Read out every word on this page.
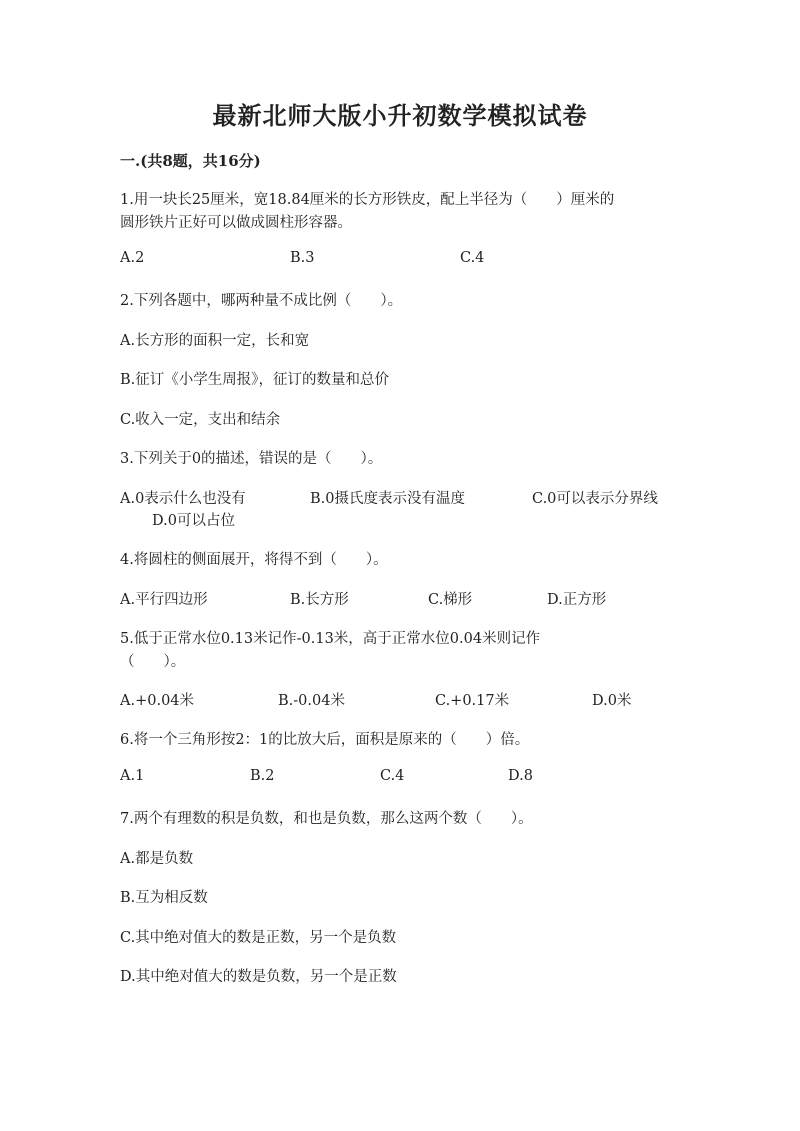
最新北师大版小升初数学模拟试卷
一.(共8题，共16分)
1.用一块长25厘米，宽18.84厘米的长方形铁皮，配上半径为（　　）厘米的
圆形铁片正好可以做成圆柱形容器。
A.2	B.3	C.4
2.下列各题中，哪两种量不成比例（　　）。
A.长方形的面积一定，长和宽
B.征订《小学生周报》，征订的数量和总价
C.收入一定，支出和结余
3.下列关于0的描述，错误的是（　　）。
A.0表示什么也没有	B.0摄氏度表示没有温度	C.0可以表示分界线
D.0可以占位
4.将圆柱的侧面展开，将得不到（　　）。
A.平行四边形	B.长方形	C.梯形	D.正方形
5.低于正常水位0.13米记作-0.13米，高于正常水位0.04米则记作
（　　）。
A.+0.04米	B.-0.04米	C.+0.17米	D.0米
6.将一个三角形按2：1的比放大后，面积是原来的（　　）倍。
A.1	B.2	C.4	D.8
7.两个有理数的积是负数，和也是负数，那么这两个数（　　）。
A.都是负数
B.互为相反数
C.其中绝对值大的数是正数，另一个是负数
D.其中绝对值大的数是负数，另一个是正数
